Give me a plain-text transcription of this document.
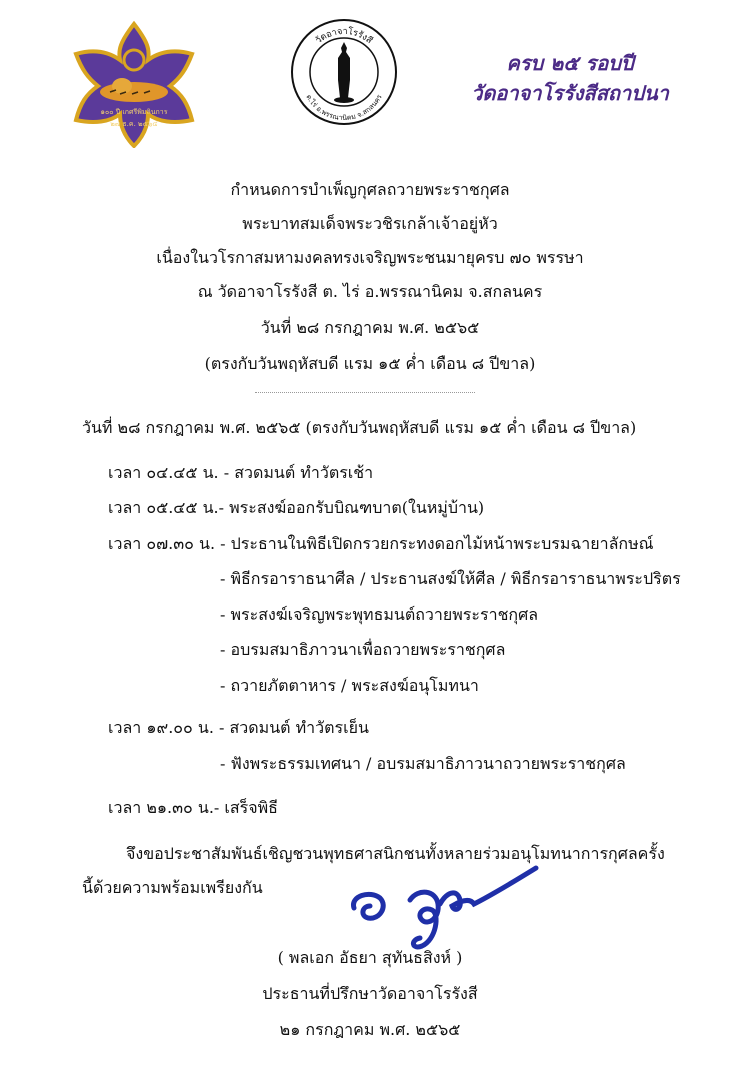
๑๐๐ ปี เกศรีพิมลินการ
๒๗ ธ.ค. ๒๕๖๔
วัดอาจาโรรังสี
ต.ไร่ อ.พรรณานิคม จ.สกลนคร
ครบ ๒๕ รอบปี
วัดอาจาโรรังสีสถาปนา
กำหนดการบำเพ็ญกุศลถวายพระราชกุศล
พระบาทสมเด็จพระวชิรเกล้าเจ้าอยู่หัว
เนื่องในวโรกาสมหามงคลทรงเจริญพระชนมายุครบ ๗๐ พรรษา
ณ วัดอาจาโรรังสี ต. ไร่ อ.พรรณานิคม จ.สกลนคร
วันที่ ๒๘ กรกฎาคม พ.ศ. ๒๕๖๕
(ตรงกับวันพฤหัสบดี แรม ๑๕ ค่ำ เดือน ๘ ปีขาล)
วันที่ ๒๘ กรกฎาคม พ.ศ. ๒๕๖๕ (ตรงกับวันพฤหัสบดี แรม ๑๕ ค่ำ เดือน ๘ ปีขาล)
เวลา ๐๔.๔๕ น. - สวดมนต์ ทำวัตรเช้า
เวลา ๐๕.๔๕ น.- พระสงฆ์ออกรับบิณฑบาต(ในหมู่บ้าน)
เวลา ๐๗.๓๐ น. - ประธานในพิธีเปิดกรวยกระทงดอกไม้หน้าพระบรมฉายาลักษณ์
- พิธีกรอาราธนาศีล / ประธานสงฆ์ให้ศีล / พิธีกรอาราธนาพระปริตร
- พระสงฆ์เจริญพระพุทธมนต์ถวายพระราชกุศล
- อบรมสมาธิภาวนาเพื่อถวายพระราชกุศล
- ถวายภัตตาหาร / พระสงฆ์อนุโมทนา
เวลา ๑๙.๐๐ น. - สวดมนต์ ทำวัตรเย็น
- ฟังพระธรรมเทศนา / อบรมสมาธิภาวนาถวายพระราชกุศล
เวลา ๒๑.๓๐ น.- เสร็จพิธี
จึงขอประชาสัมพันธ์เชิญชวนพุทธศาสนิกชนทั้งหลายร่วมอนุโมทนาการกุศลครั้ง
นี้ด้วยความพร้อมเพรียงกัน
( พลเอก อัธยา สุทันธสิงห์ )
ประธานที่ปรึกษาวัดอาจาโรรังสี
๒๑ กรกฎาคม พ.ศ. ๒๕๖๕
